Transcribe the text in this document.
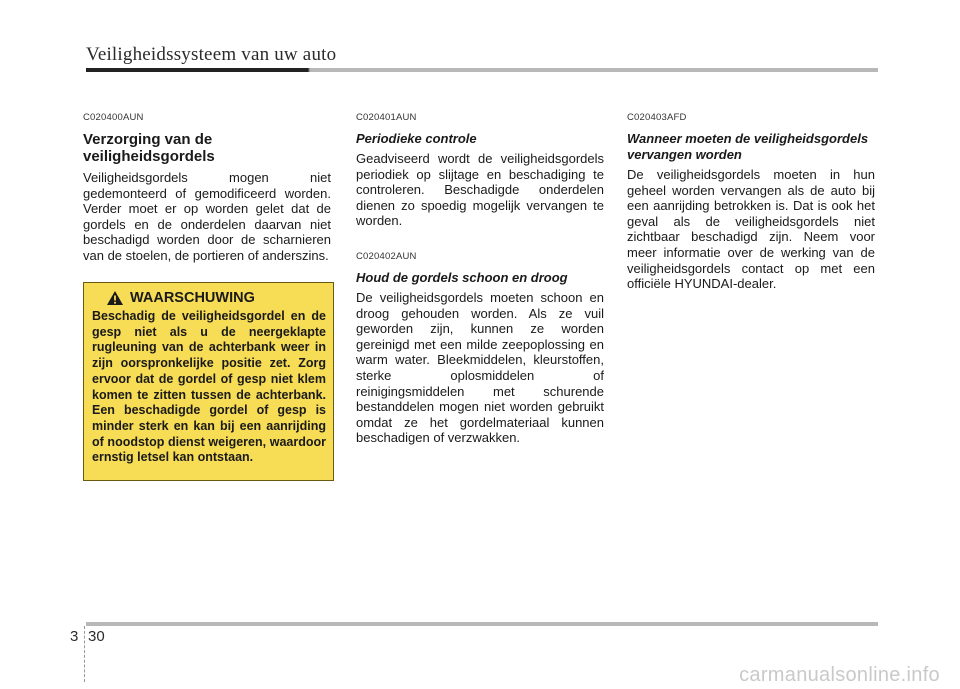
Veiligheidssysteem van uw auto
C020400AUN
Verzorging van de
veiligheidsgordels

Veiligheidsgordels mogen niet gedemonteerd of gemodificeerd worden. Verder moet er op worden gelet dat de gordels en de onderdelen daarvan niet beschadigd worden door de scharnieren van de stoelen, de portieren of anderszins.

WAARSCHUWING

Beschadig de veiligheidsgordel en de gesp niet als u de neergeklapte rugleuning van de achterbank weer in zijn oorspronkelijke positie zet. Zorg ervoor dat de gordel of gesp niet klem komen te zitten tussen de achterbank. Een beschadigde gordel of gesp is minder sterk en kan bij een aanrijding of noodstop dienst weigeren, waardoor ernstig letsel kan ontstaan.

C020401AUN
Periodieke controle

Geadviseerd wordt de veiligheidsgordels periodiek op slijtage en beschadiging te controleren. Beschadigde onderdelen dienen zo spoedig mogelijk vervangen te worden.

C020402AUN
Houd de gordels schoon en droog

De veiligheidsgordels moeten schoon en droog gehouden worden. Als ze vuil geworden zijn, kunnen ze worden gereinigd met een milde zeepoplossing en warm water. Bleekmiddelen, kleurstoffen, sterke oplosmiddelen of reinigingsmiddelen met schurende bestanddelen mogen niet worden gebruikt omdat ze het gordelmateriaal kunnen beschadigen of verzwakken.

C020403AFD
Wanneer moeten de veiligheidsgordels
vervangen worden

De veiligheidsgordels moeten in hun geheel worden vervangen als de auto bij een aanrijding betrokken is. Dat is ook het geval als de veiligheidsgordels niet zichtbaar beschadigd zijn. Neem voor meer informatie over de werking van de veiligheidsgordels contact op met een officiële HYUNDAI-dealer.

3 30
carmanualsonline.info
